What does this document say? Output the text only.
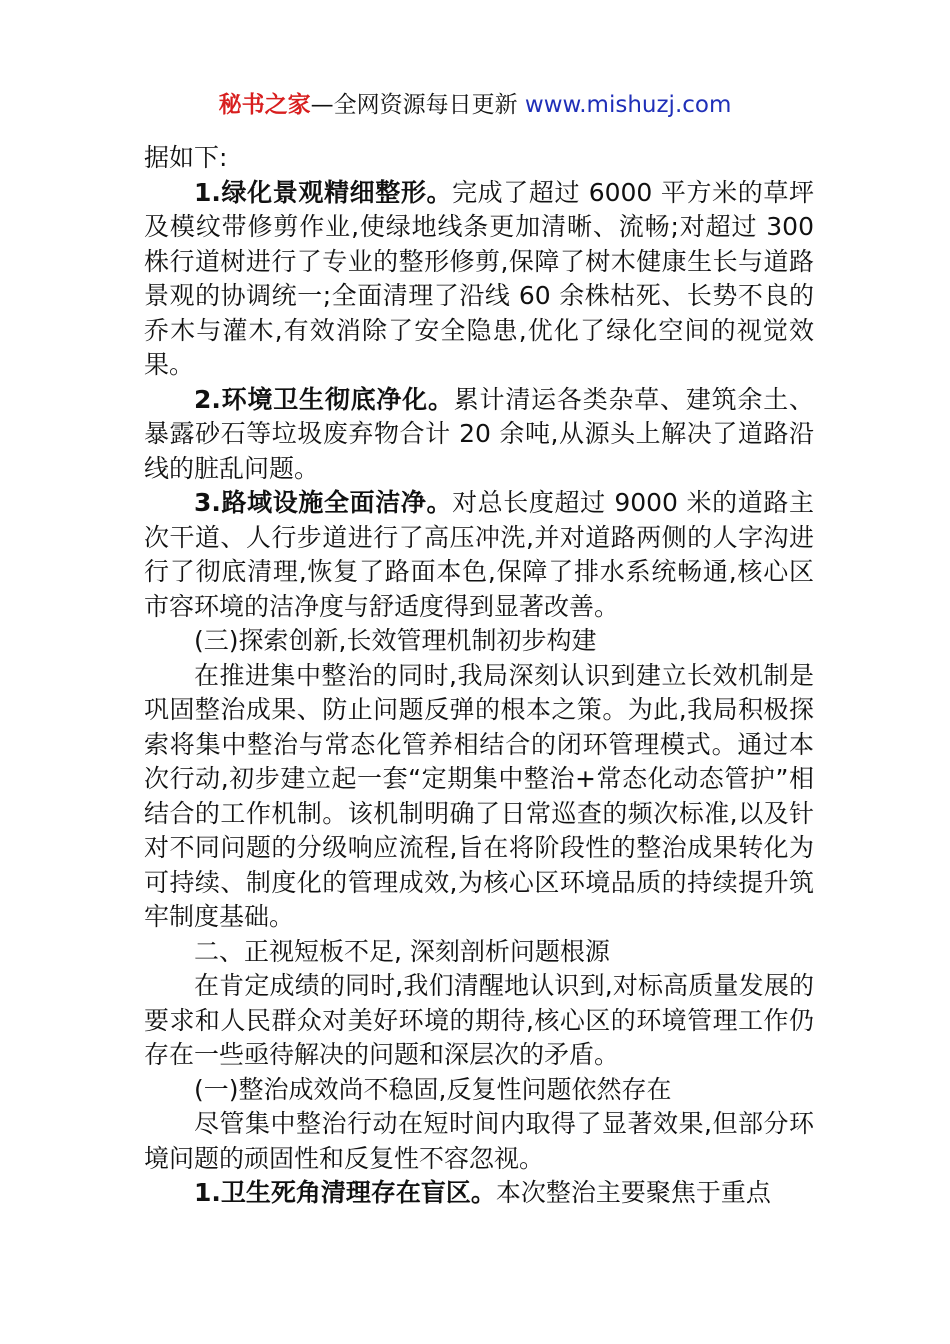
秘书之家—全网资源每日更新 www.mishuzj.com

据如下:

1.绿化景观精细整形。完成了超过 6000 平方米的草坪及模纹带修剪作业,使绿地线条更加清晰、流畅;对超过 300 株行道树进行了专业的整形修剪,保障了树木健康生长与道路景观的协调统一;全面清理了沿线 60 余株枯死、长势不良的乔木与灌木,有效消除了安全隐患,优化了绿化空间的视觉效果。

2.环境卫生彻底净化。累计清运各类杂草、建筑余土、暴露砂石等垃圾废弃物合计 20 余吨,从源头上解决了道路沿线的脏乱问题。

3.路域设施全面洁净。对总长度超过 9000 米的道路主次干道、人行步道进行了高压冲洗,并对道路两侧的人字沟进行了彻底清理,恢复了路面本色,保障了排水系统畅通,核心区市容环境的洁净度与舒适度得到显著改善。

(三)探索创新,长效管理机制初步构建

在推进集中整治的同时,我局深刻认识到建立长效机制是巩固整治成果、防止问题反弹的根本之策。为此,我局积极探索将集中整治与常态化管养相结合的闭环管理模式。通过本次行动,初步建立起一套“定期集中整治+常态化动态管护”相结合的工作机制。该机制明确了日常巡查的频次标准,以及针对不同问题的分级响应流程,旨在将阶段性的整治成果转化为可持续、制度化的管理成效,为核心区环境品质的持续提升筑牢制度基础。

二、正视短板不足, 深刻剖析问题根源

在肯定成绩的同时,我们清醒地认识到,对标高质量发展的要求和人民群众对美好环境的期待,核心区的环境管理工作仍存在一些亟待解决的问题和深层次的矛盾。

(一)整治成效尚不稳固,反复性问题依然存在

尽管集中整治行动在短时间内取得了显著效果,但部分环境问题的顽固性和反复性不容忽视。

1.卫生死角清理存在盲区。本次整治主要聚焦于重点
